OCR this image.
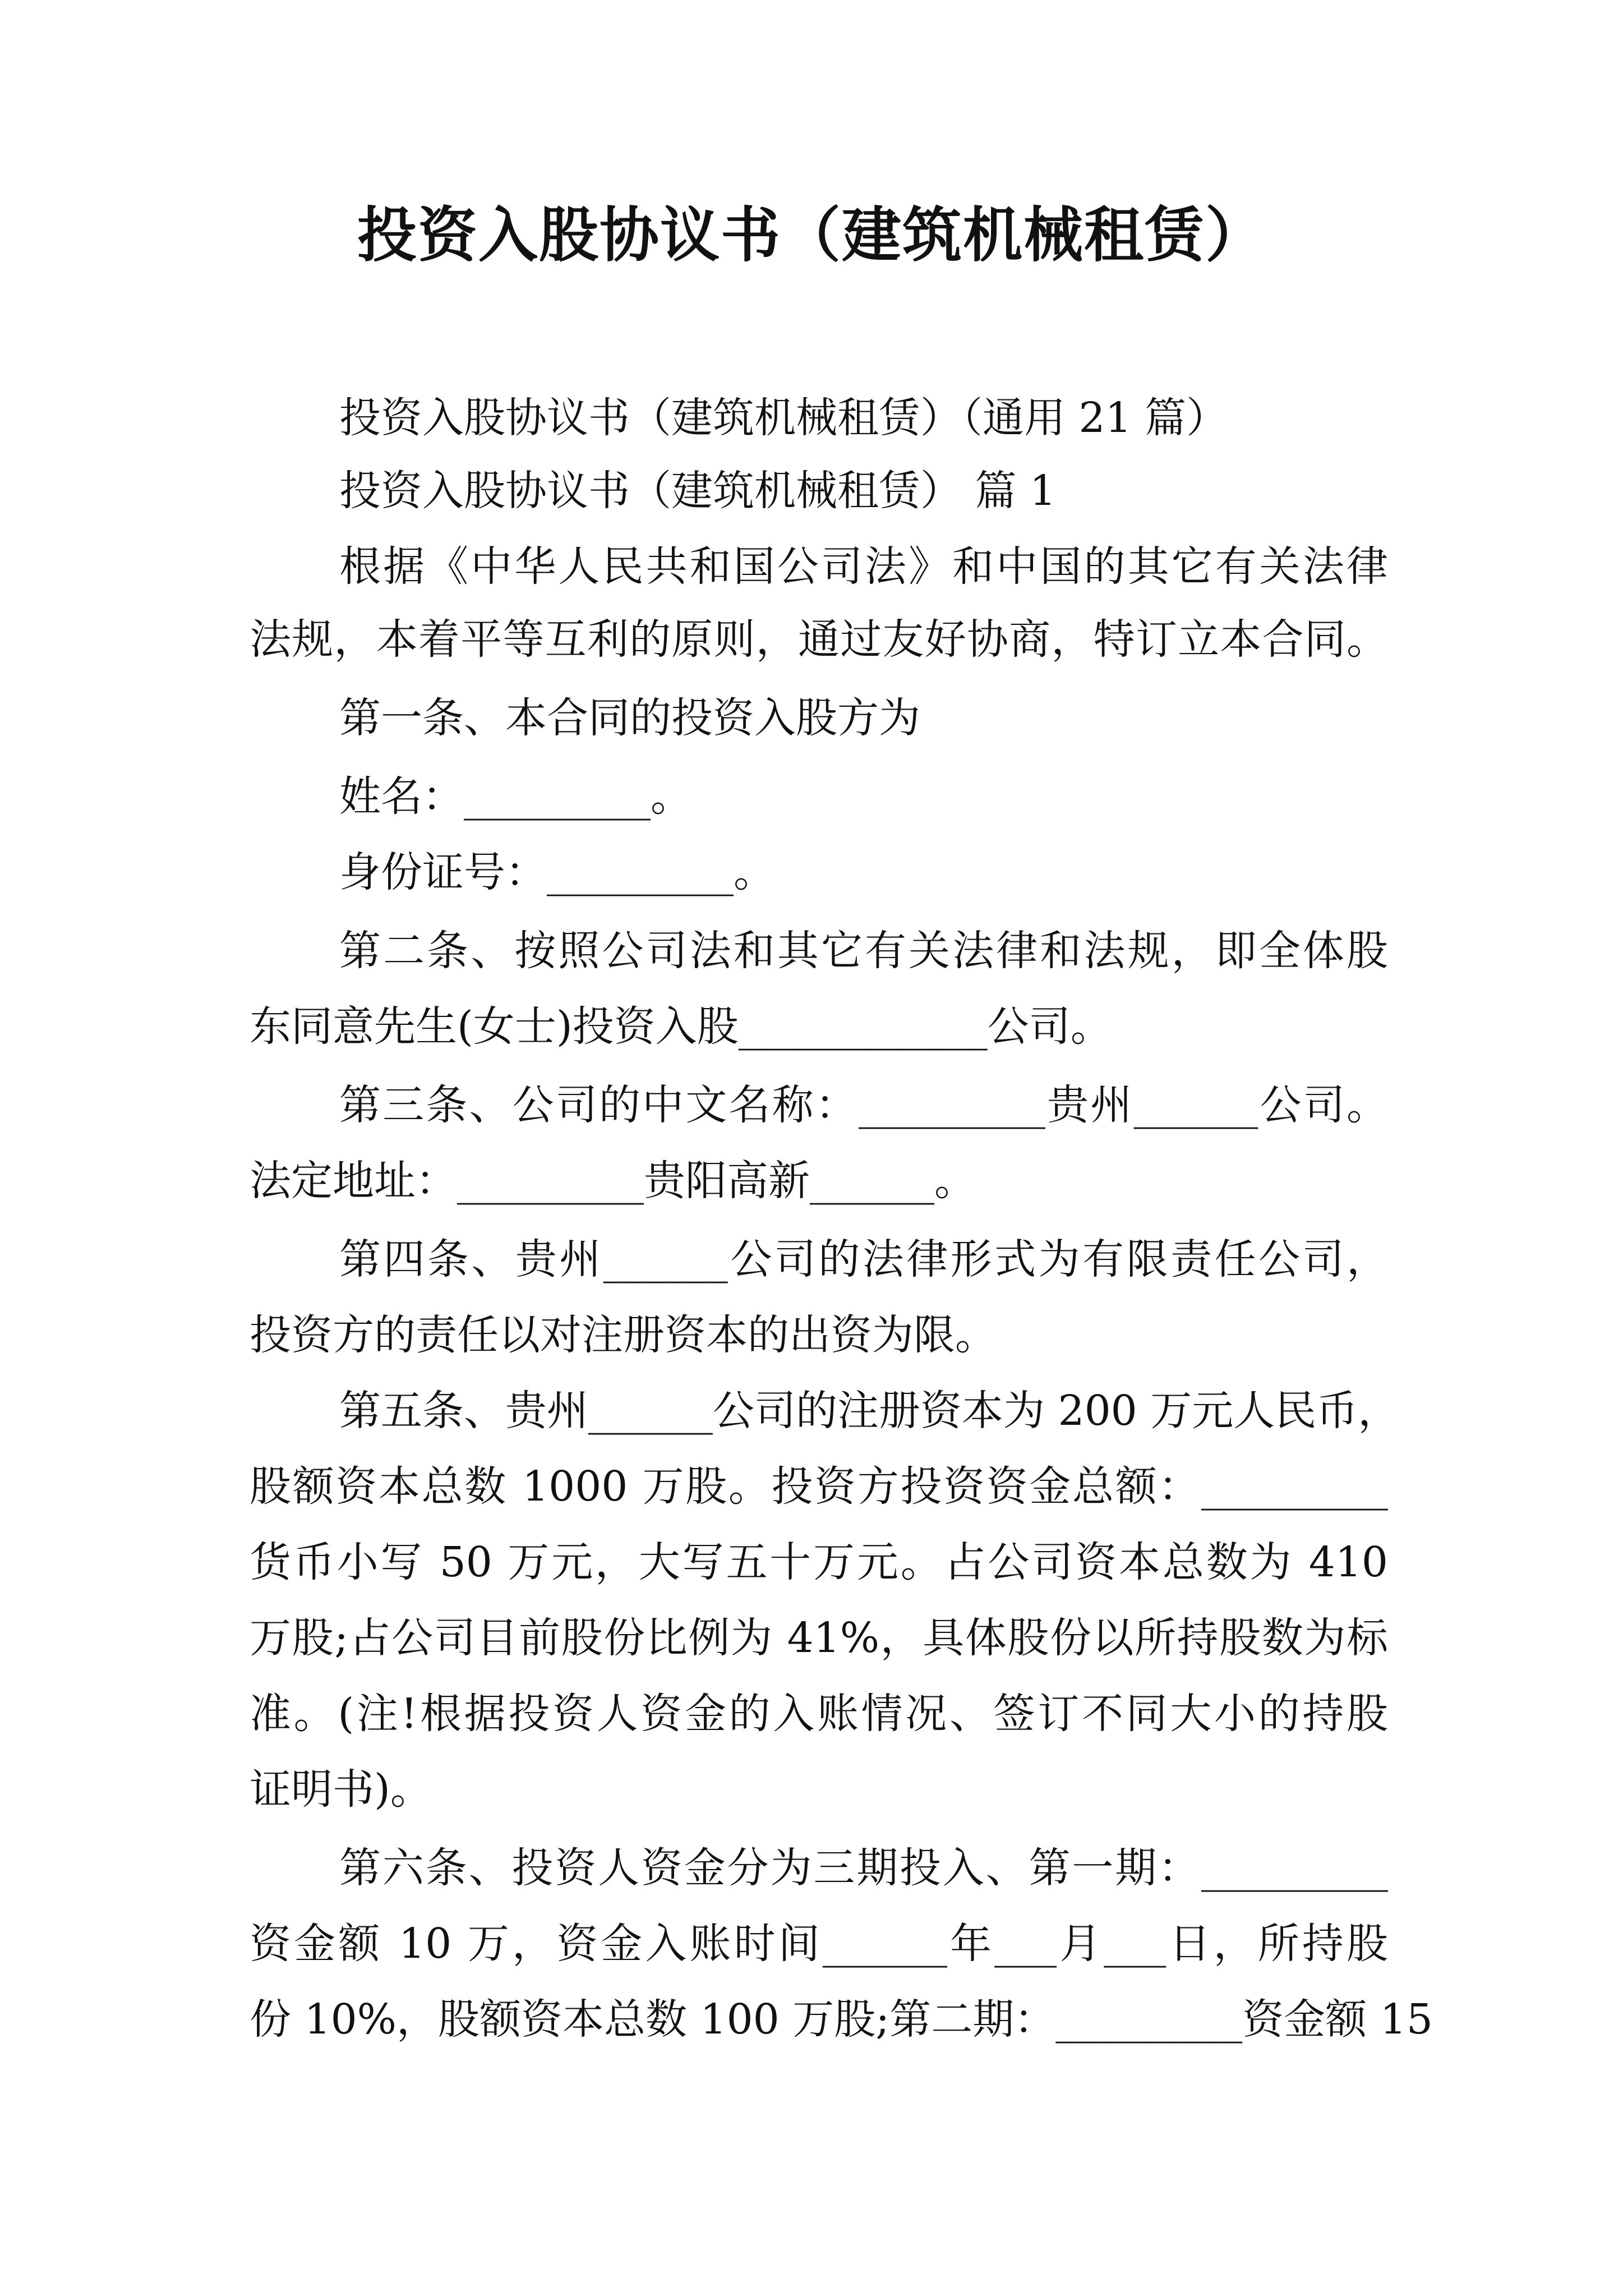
投资入股协议书（建筑机械租赁）
投资入股协议书（建筑机械租赁）（通用 21 篇）
投资入股协议书（建筑机械租赁） 篇 1
根据《中华人民共和国公司法》和中国的其它有关法律
法规，本着平等互利的原则，通过友好协商，特订立本合同。
第一条、本合同的投资入股方为
姓名：_________。
身份证号：_________。
第二条、按照公司法和其它有关法律和法规，即全体股
东同意先生(女士)投资入股____________公司。
第三条、公司的中文名称：_________贵州______公司。
法定地址：_________贵阳高新______。
第四条、贵州______公司的法律形式为有限责任公司，
投资方的责任以对注册资本的出资为限。
第五条、贵州______公司的注册资本为 200 万元人民币，
股额资本总数 1000 万股。投资方投资资金总额：_________
货币小写 50 万元，大写五十万元。占公司资本总数为 410
万股;占公司目前股份比例为 41%，具体股份以所持股数为标
准。(注!根据投资人资金的入账情况、签订不同大小的持股
证明书)。
第六条、投资人资金分为三期投入、第一期：_________
资金额 10 万，资金入账时间______年___月___日，所持股
份 10%，股额资本总数 100 万股;第二期：_________资金额 15
